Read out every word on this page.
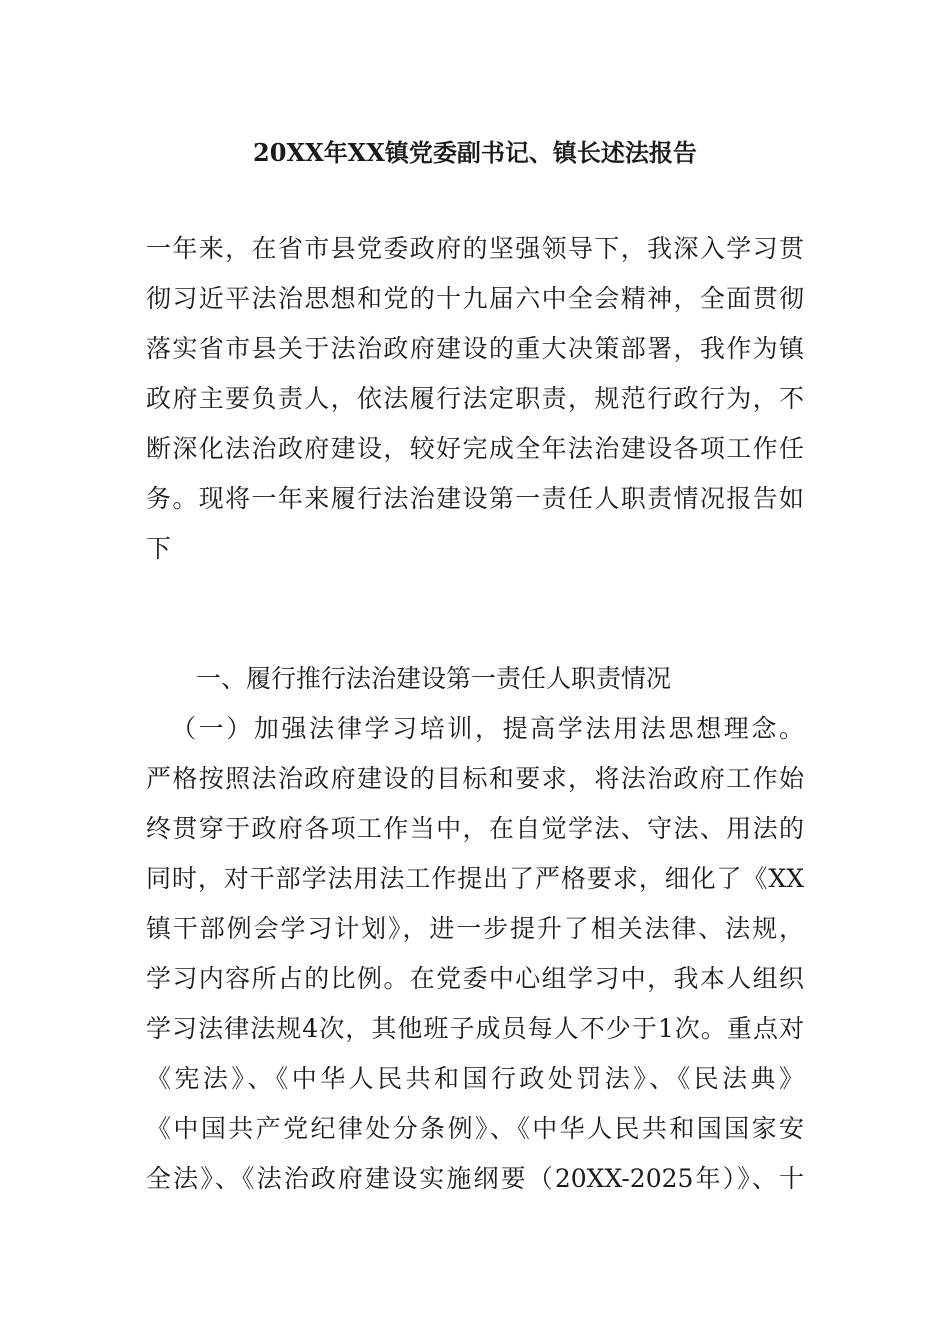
20XX年XX镇党委副书记、镇长述法报告
一年来，在省市县党委政府的坚强领导下，我深入学习贯
彻习近平法治思想和党的十九届六中全会精神，全面贯彻
落实省市县关于法治政府建设的重大决策部署，我作为镇
政府主要负责人，依法履行法定职责，规范行政行为，不
断深化法治政府建设，较好完成全年法治建设各项工作任
务。现将一年来履行法治建设第一责任人职责情况报告如
下
一、履行推行法治建设第一责任人职责情况
（一）加强法律学习培训，提高学法用法思想理念。
严格按照法治政府建设的目标和要求，将法治政府工作始
终贯穿于政府各项工作当中，在自觉学法、守法、用法的
同时，对干部学法用法工作提出了严格要求，细化了《XX
镇干部例会学习计划》，进一步提升了相关法律、法规，
学习内容所占的比例。在党委中心组学习中，我本人组织
学习法律法规4次，其他班子成员每人不少于1次。重点对
《宪法》、《中华人民共和国行政处罚法》、《民法典》
《中国共产党纪律处分条例》、《中华人民共和国国家安
全法》、《法治政府建设实施纲要（20XX-2025年）》、十
